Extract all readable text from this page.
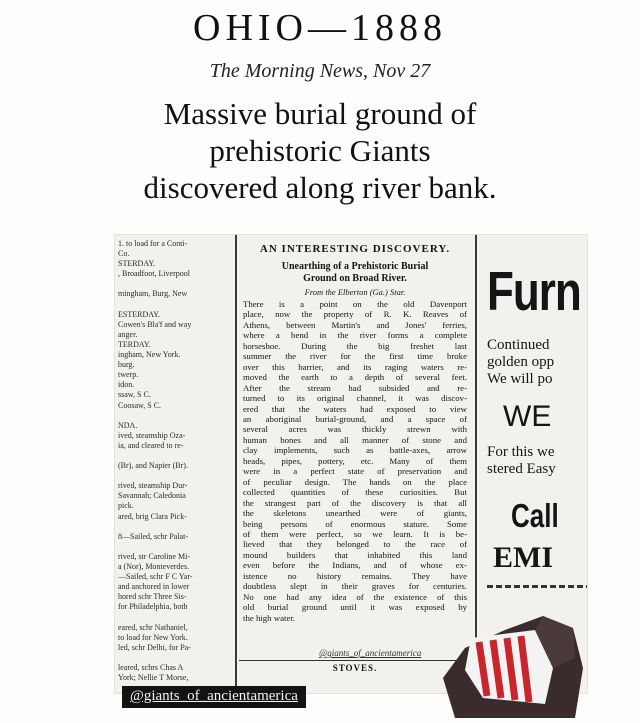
OHIO—1888
The Morning News, Nov 27
Massive burial ground of
prehistoric Giants
discovered along river bank.
1. to load for a Conti-
Co.
STERDAY.
, Broadfoot, Liverpool

mingham, Burg, New

ESTERDAY.
Cowen's Bla'f and way
anger.
TERDAY.
ingham, New York.
burg.
twerp.
idon.
ssaw, S C.
Coosaw, S C.

NDA.
ived, steamship Oza-
ia, and cleared to re-

(Br), and Napier (Br).

rived, steamship Dur-
Savannah; Caledonia
pick.
ared, brig Clara Pick-

8—Sailed, schr Palat-

rived, str Caroline Mi-
a (Nor), Monteverdes.
—Sailed, schr F C Yar-
and anchored in lower
hored schr Three Sis-
for Philadelphia, both

eared, schr Nathaniel,
to load for New York.
led, schr Delhi, for Pa-

leared, schrs Chas A
York; Nellie T Morse,
AN INTERESTING DISCOVERY.
Unearthing of a Prehistoric Burial
Ground on Broad River.
From the Elberton (Ga.) Star.
There is a point on the old Davenport
place, now the property of R. K. Reaves of
Athens, between Martin's and Jones' ferries,
where a bend in the river forms a complete
horseshoe. During the big freshet last
summer the river for the first time broke
over this barrier, and its raging waters re-
moved the earth to a depth of several feet.
After the stream had subsided and re-
turned to its original channel, it was discov-
ered that the waters had exposed to view
an aboriginal burial-ground, and a space of
several acres was thickly strewn with
human bones and all manner of stone and
clay implements, such as battle-axes, arrow
heads, pipes, pottery, etc. Many of them
were in a perfect state of preservation and
of peculiar design. The hands on the place
collected quantities of these curiosities. But
the strangest part of the discovery is that all
the skeletons unearthed were of giants,
being persons of enormous stature. Some
of them were perfect, so we learn. It is be-
lieved that they belonged to the race of
mound builders that inhabited this land
even before the Indians, and of whose ex-
istence no history remains. They have
doubtless slept in their graves for centuries.
No one had any idea of the existence of this
old burial ground until it was exposed by
the high water.
STOVES.
Furn
Continued
golden opp
We will po
WE
For this we
stered Easy
Call
EMI
@giants_of_ancientamerica
@giants_of_ancientamerica
